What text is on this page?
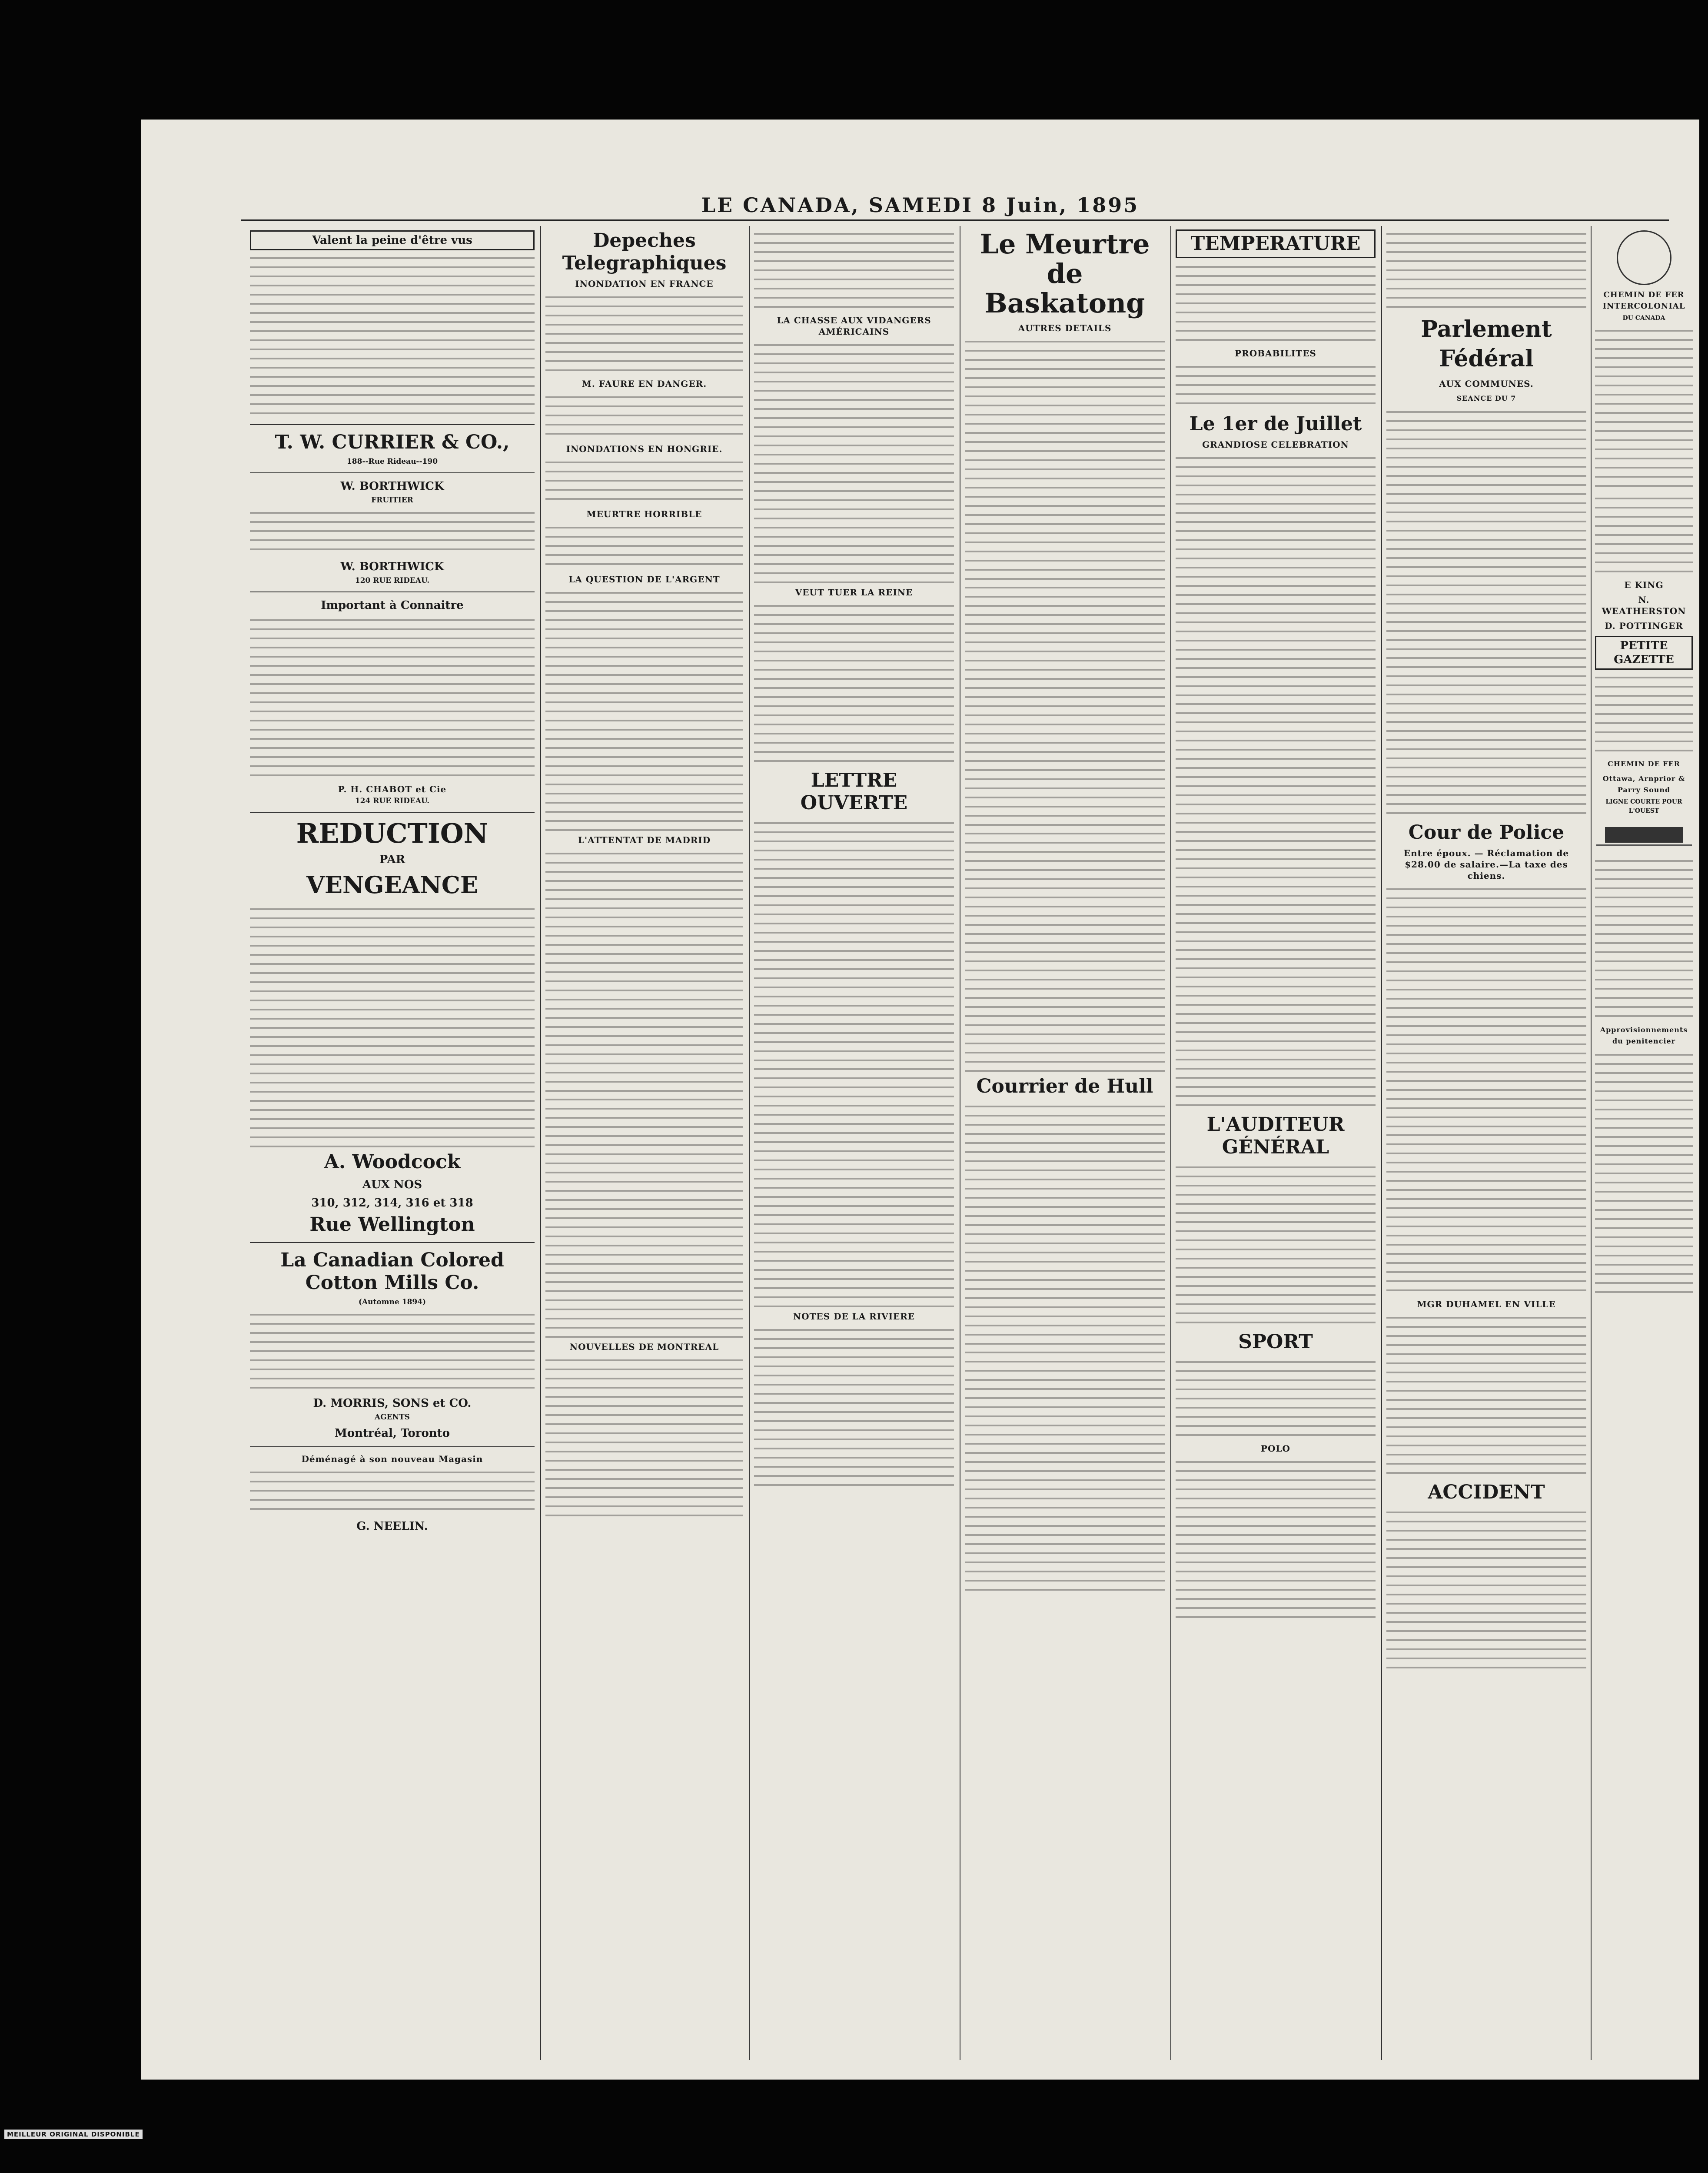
LE CANADA, SAMEDI 8 Juin, 1895
Valent la peine d'être vus
T. W. CURRIER & CO.,
188--Rue Rideau--190
W. BORTHWICK
FRUITIER
W. BORTHWICK
120 RUE RIDEAU.
Important à Connaitre
P. H. CHABOT et Cie
124 RUE RIDEAU.
REDUCTION
PAR
VENGEANCE
A. Woodcock
AUX NOS
310, 312, 314, 316 et 318
Rue Wellington
La Canadian Colored Cotton Mills Co.
(Automne 1894)
D. MORRIS, SONS et CO.
AGENTS
Montréal, Toronto
Déménagé à son nouveau Magasin
G. NEELIN.
Depeches Telegraphiques
INONDATION EN FRANCE
M. FAURE EN DANGER.
INONDATIONS EN HONGRIE.
MEURTRE HORRIBLE
LA QUESTION DE L'ARGENT
L'ATTENTAT DE MADRID
NOUVELLES DE MONTREAL
LA CHASSE AUX VIDANGERS AMÉRICAINS
VEUT TUER LA REINE
LETTRE OUVERTE
NOTES DE LA RIVIERE
Le Meurtre de Baskatong
AUTRES DETAILS
Courrier de Hull
TEMPERATURE
PROBABILITES
Le 1er de Juillet
GRANDIOSE CELEBRATION
L'AUDITEUR GÉNÉRAL
SPORT
POLO
Parlement Fédéral
AUX COMMUNES.
SEANCE DU 7
Cour de Police
Entre époux. — Réclamation de $28.00 de salaire.—La taxe des chiens.
MGR DUHAMEL EN VILLE
ACCIDENT
CHEMIN DE FER INTERCOLONIAL
DU CANADA
E KING
N. WEATHERSTON
D. POTTINGER
PETITE GAZETTE
CHEMIN DE FER
Ottawa, Arnprior & Parry Sound
LIGNE COURTE POUR L'OUEST
Approvisionnements du penitencier
MEILLEUR ORIGINAL DISPONIBLE
